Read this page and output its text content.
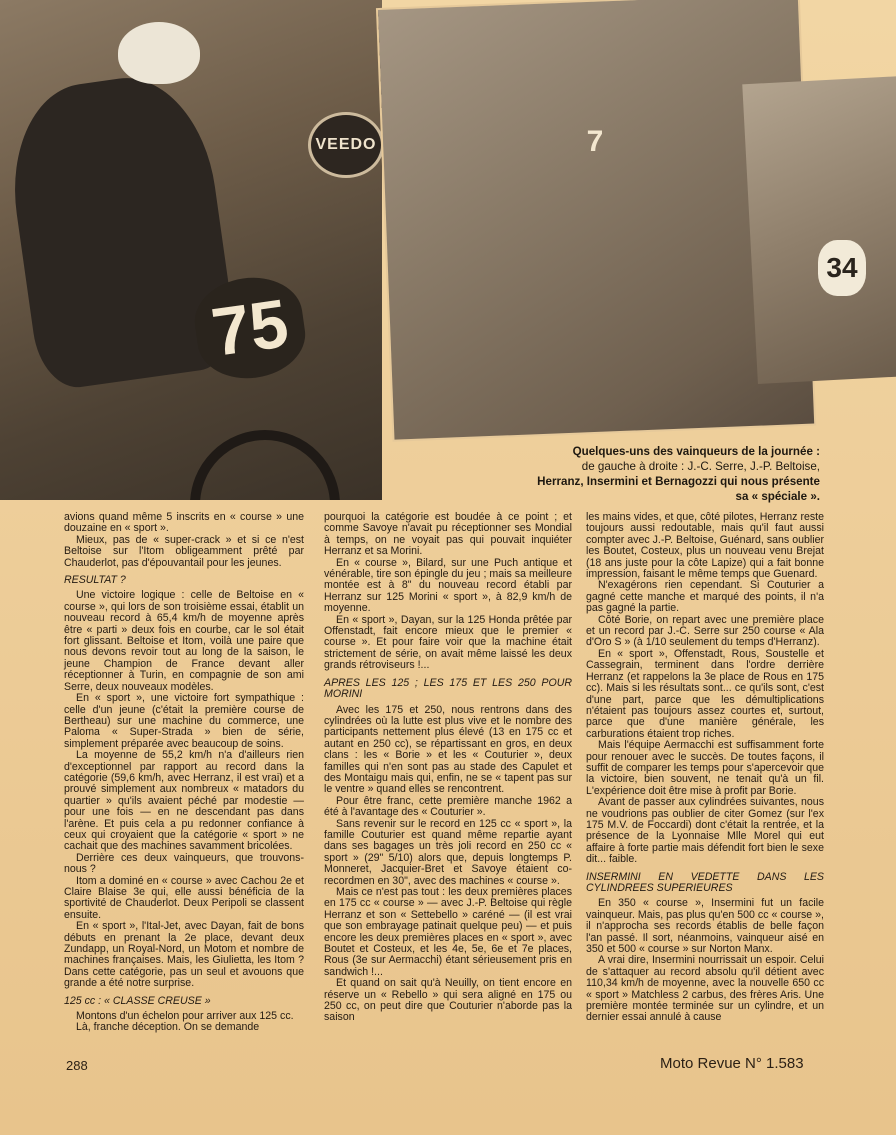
VEEDO
75
7
34
Quelques-uns des vainqueurs de la journée :
de gauche à droite : J.-C. Serre, J.-P. Beltoise,
Herranz, Insermini et Bernagozzi qui nous présente
sa « spéciale ».

avions quand même 5 inscrits en « course » une douzaine en « sport ».

Mieux, pas de « super-crack » et si ce n'est Beltoise sur l'Itom obligeamment prêté par Chauderlot, pas d'épouvantail pour les jeunes.

RESULTAT ?

Une victoire logique : celle de Beltoise en « course », qui lors de son troisième essai, établit un nouveau record à 65,4 km/h de moyenne après être « parti » deux fois en courbe, car le sol était fort glissant. Beltoise et Itom, voilà une paire que nous devons revoir tout au long de la saison, le jeune Champion de France devant aller réceptionner à Turin, en compagnie de son ami Serre, deux nouveaux modèles.

En « sport », une victoire fort sympathique : celle d'un jeune (c'était la première course de Bertheau) sur une machine du commerce, une Paloma « Super-Strada » bien de série, simplement préparée avec beaucoup de soins.

La moyenne de 55,2 km/h n'a d'ailleurs rien d'exceptionnel par rapport au record dans la catégorie (59,6 km/h, avec Herranz, il est vrai) et a prouvé simplement aux nombreux « matadors du quartier » qu'ils avaient péché par modestie — pour une fois — en ne descendant pas dans l'arène. Et puis cela a pu redonner confiance à ceux qui croyaient que la catégorie « sport » ne cachait que des machines savamment bricolées.

Derrière ces deux vainqueurs, que trouvons-nous ?

Itom a dominé en « course » avec Cachou 2e et Claire Blaise 3e qui, elle aussi bénéficia de la sportivité de Chauderlot. Deux Peripoli se classent ensuite.

En « sport », l'Ital-Jet, avec Dayan, fait de bons débuts en prenant la 2e place, devant deux Zundapp, un Royal-Nord, un Motom et nombre de machines françaises. Mais, les Giulietta, les Itom ? Dans cette catégorie, pas un seul et avouons que grande a été notre surprise.

125 cc : « CLASSE CREUSE »

Montons d'un échelon pour arriver aux 125 cc.

Là, franche déception. On se demande

pourquoi la catégorie est boudée à ce point ; et comme Savoye n'avait pu réceptionner ses Mondial à temps, on ne voyait pas qui pouvait inquiéter Herranz et sa Morini.

En « course », Bilard, sur une Puch antique et vénérable, tire son épingle du jeu ; mais sa meilleure montée est à 8" du nouveau record établi par Herranz sur 125 Morini « sport », à 82,9 km/h de moyenne.

En « sport », Dayan, sur la 125 Honda prêtée par Offenstadt, fait encore mieux que le premier « course ». Et pour faire voir que la machine était strictement de série, on avait même laissé les deux grands rétroviseurs !...

APRES LES 125 ; LES 175 ET LES 250 POUR MORINI

Avec les 175 et 250, nous rentrons dans des cylindrées où la lutte est plus vive et le nombre des participants nettement plus élevé (13 en 175 cc et autant en 250 cc), se répartissant en gros, en deux clans : les « Borie » et les « Couturier », deux familles qui n'en sont pas au stade des Capulet et des Montaigu mais qui, enfin, ne se « tapent pas sur le ventre » quand elles se rencontrent.

Pour être franc, cette première manche 1962 a été à l'avantage des « Couturier ».

Sans revenir sur le record en 125 cc « sport », la famille Couturier est quand même repartie ayant dans ses bagages un très joli record en 250 cc « sport » (29" 5/10) alors que, depuis longtemps P. Monneret, Jacquier-Bret et Savoye étaient co-recordmen en 30", avec des machines « course ».

Mais ce n'est pas tout : les deux premières places en 175 cc « course » — avec J.-P. Beltoise qui règle Herranz et son « Settebello » caréné — (il est vrai que son embrayage patinait quelque peu) — et puis encore les deux premières places en « sport », avec Boutet et Costeux, et les 4e, 5e, 6e et 7e places, Rous (3e sur Aermacchi) étant sérieusement pris en sandwich !...

Et quand on sait qu'à Neuilly, on tient encore en réserve un « Rebello » qui sera aligné en 175 ou 250 cc, on peut dire que Couturier n'aborde pas la saison

les mains vides, et que, côté pilotes, Herranz reste toujours aussi redoutable, mais qu'il faut aussi compter avec J.-P. Beltoise, Guénard, sans oublier les Boutet, Costeux, plus un nouveau venu Brejat (18 ans juste pour la côte Lapize) qui a fait bonne impression, faisant le même temps que Guenard.

N'exagérons rien cependant. Si Couturier a gagné cette manche et marqué des points, il n'a pas gagné la partie.

Côté Borie, on repart avec une première place et un record par J.-C. Serre sur 250 course « Ala d'Oro S » (à 1/10 seulement du temps d'Herranz).

En « sport », Offenstadt, Rous, Soustelle et Cassegrain, terminent dans l'ordre derrière Herranz (et rappelons la 3e place de Rous en 175 cc). Mais si les résultats sont... ce qu'ils sont, c'est d'une part, parce que les démultiplications n'étaient pas toujours assez courtes et, surtout, parce que d'une manière générale, les carburations étaient trop riches.

Mais l'équipe Aermacchi est suffisamment forte pour renouer avec le succès. De toutes façons, il suffit de comparer les temps pour s'apercevoir que la victoire, bien souvent, ne tenait qu'à un fil. L'expérience doit être mise à profit par Borie.

Avant de passer aux cylindrées suivantes, nous ne voudrions pas oublier de citer Gomez (sur l'ex 175 M.V. de Foccardi) dont c'était la rentrée, et la présence de la Lyonnaise Mlle Morel qui eut affaire à forte partie mais défendit fort bien le sexe dit... faible.

INSERMINI EN VEDETTE DANS LES CYLINDREES SUPERIEURES

En 350 « course », Insermini fut un facile vainqueur. Mais, pas plus qu'en 500 cc « course », il n'approcha ses records établis de belle façon l'an passé. Il sort, néanmoins, vainqueur aisé en 350 et 500 « course » sur Norton Manx.

A vrai dire, Insermini nourrissait un espoir. Celui de s'attaquer au record absolu qu'il détient avec 110,34 km/h de moyenne, avec la nouvelle 650 cc « sport » Matchless 2 carbus, des frères Aris. Une première montée terminée sur un cylindre, et un dernier essai annulé à cause

288	Moto Revue N° 1.583
